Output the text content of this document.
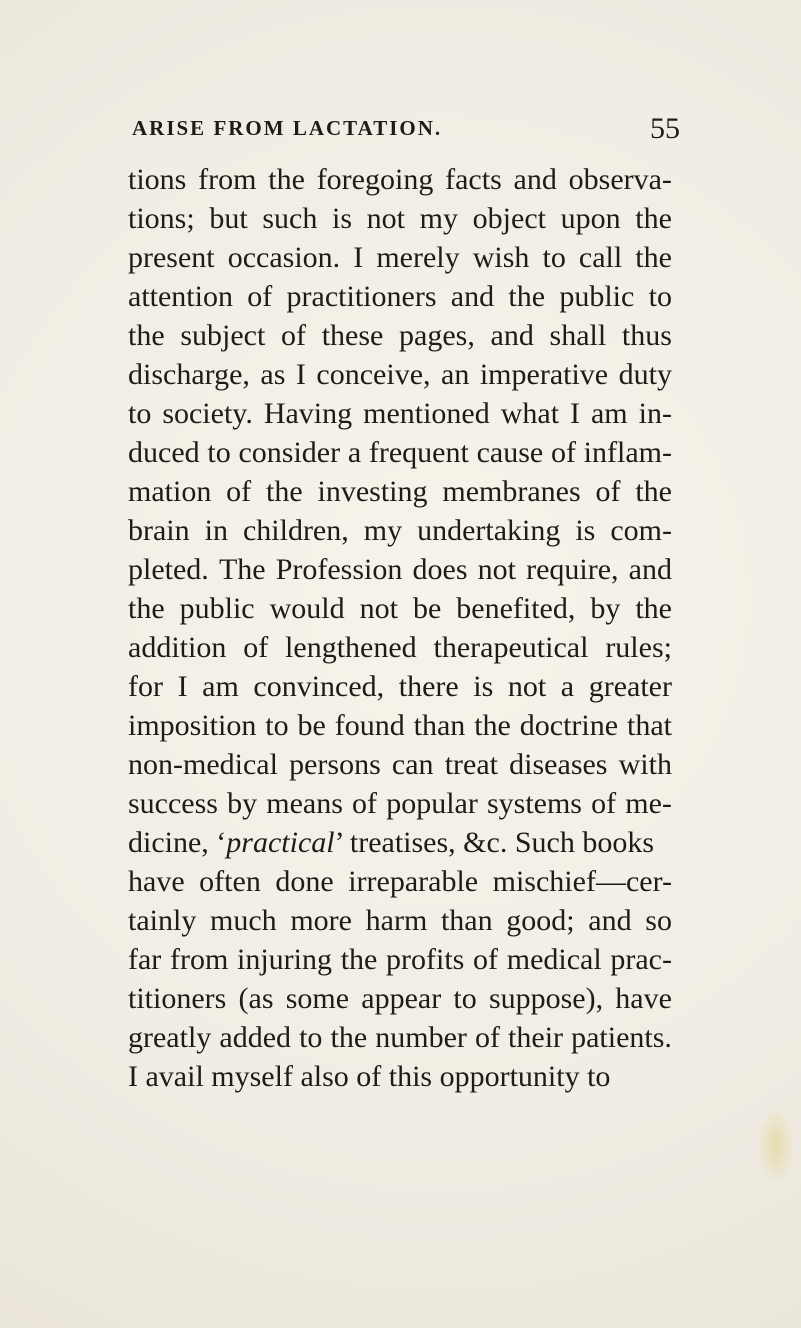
ARISE FROM LACTATION.	55
tions from the foregoing facts and observa-
tions; but such is not my object upon the
present occasion. I merely wish to call the
attention of practitioners and the public to
the subject of these pages, and shall thus
discharge, as I conceive, an imperative duty
to society. Having mentioned what I am in-
duced to consider a frequent cause of inflam-
mation of the investing membranes of the
brain in children, my undertaking is com-
pleted. The Profession does not require, and
the public would not be benefited, by the
addition of lengthened therapeutical rules;
for I am convinced, there is not a greater
imposition to be found than the doctrine that
non-medical persons can treat diseases with
success by means of popular systems of me-
dicine, ‘practical’ treatises, &c. Such books
have often done irreparable mischief—cer-
tainly much more harm than good; and so
far from injuring the profits of medical prac-
titioners (as some appear to suppose), have
greatly added to the number of their patients.
I avail myself also of this opportunity to
